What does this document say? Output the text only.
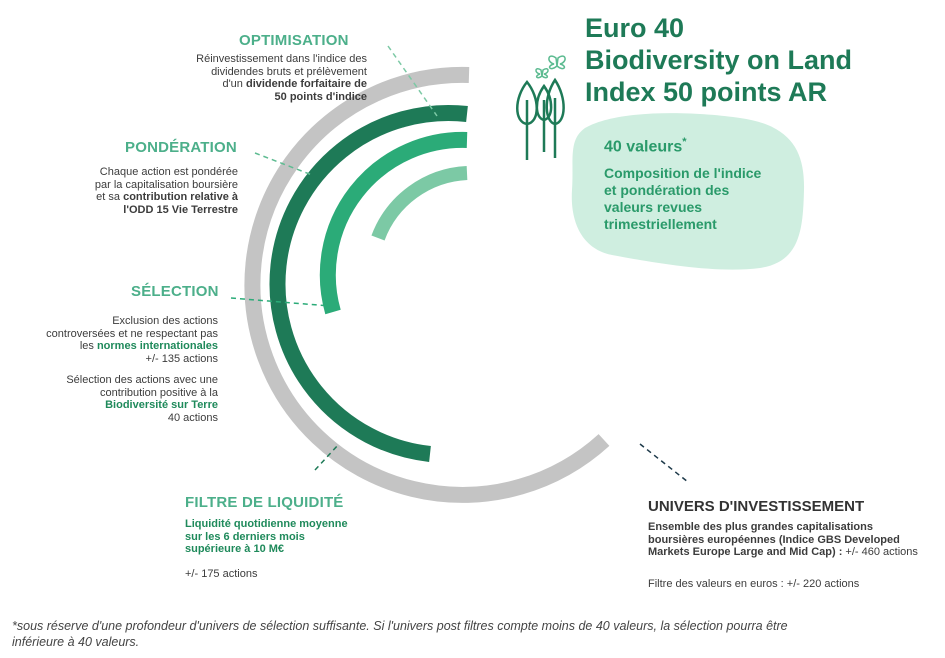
Euro 40
Biodiversity on Land
Index 50 points AR
40 valeurs*
Composition de l'indice
et pondération des
valeurs revues
trimestriellement
OPTIMISATION
Réinvestissement dans l'indice des
dividendes bruts et prélèvement
d'un dividende forfaitaire de
50 points d'indice
PONDÉRATION
Chaque action est pondérée
par la capitalisation boursière
et sa contribution relative à
l'ODD 15 Vie Terrestre
SÉLECTION
Exclusion des actions
controversées et ne respectant pas
les normes internationales
+/- 135 actions
Sélection des actions avec une
contribution positive à la
Biodiversité sur Terre
40 actions
FILTRE DE LIQUIDITÉ
Liquidité quotidienne moyenne
sur les 6 derniers mois
supérieure à 10 M€
+/- 175 actions
UNIVERS D'INVESTISSEMENT
Ensemble des plus grandes capitalisations
boursières européennes (Indice GBS Developed
Markets Europe Large and Mid Cap) : +/- 460 actions
Filtre des valeurs en euros : +/- 220 actions
*sous réserve d'une profondeur d'univers de sélection suffisante. Si l'univers post filtres compte moins de 40 valeurs, la sélection pourra être
inférieure à 40 valeurs.
